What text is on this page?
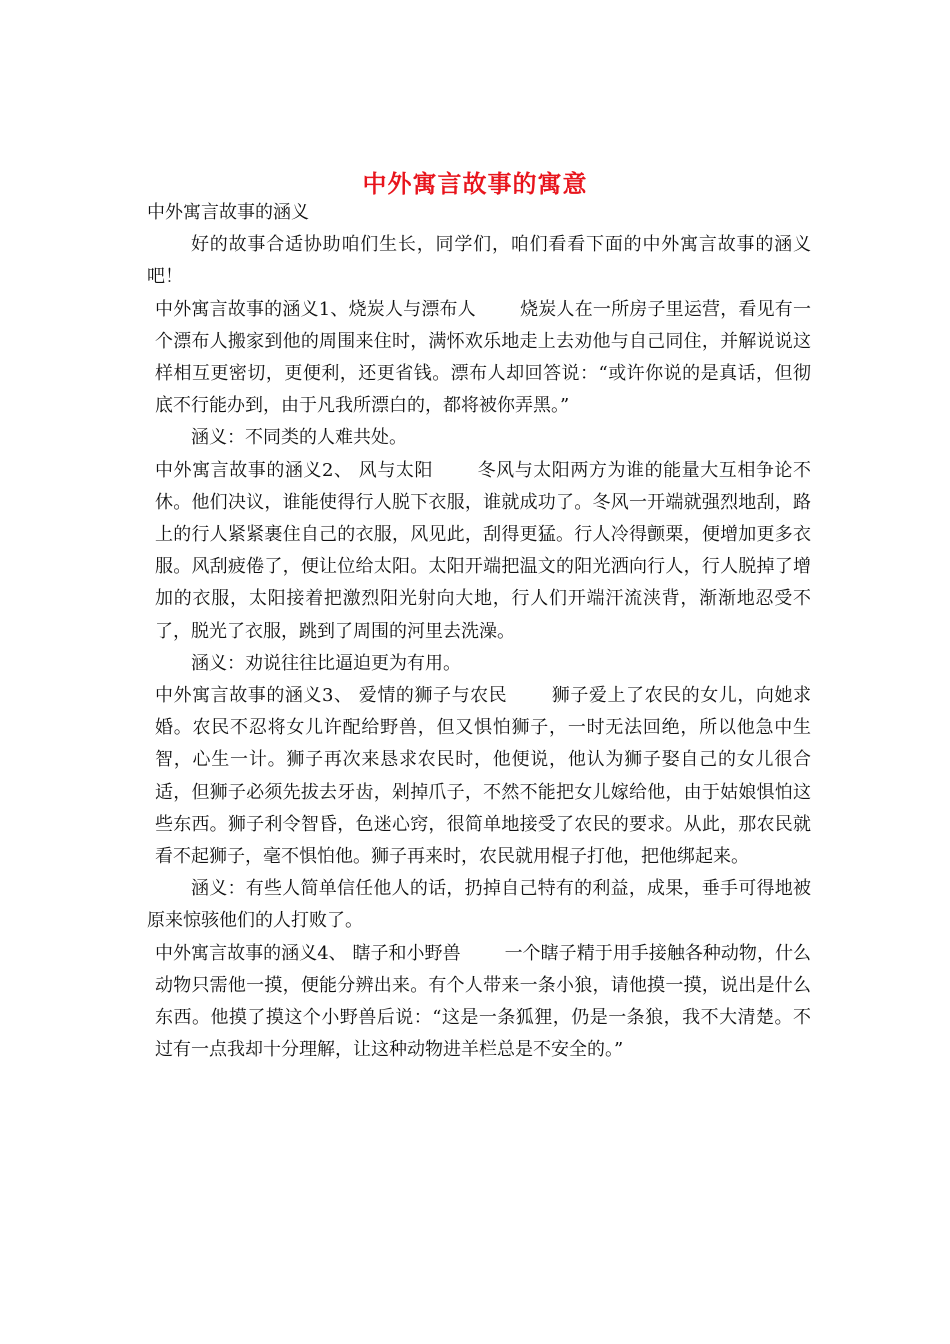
中外寓言故事的寓意

中外寓言故事的涵义

好的故事合适协助咱们生长，同学们，咱们看看下面的中外寓言故事的涵义吧！

中外寓言故事的涵义1、烧炭人与漂布人 烧炭人在一所房子里运营，看见有一个漂布人搬家到他的周围来住时，满怀欢乐地走上去劝他与自己同住，并解说说这样相互更密切，更便利，还更省钱。漂布人却回答说：“或许你说的是真话，但彻底不行能办到，由于凡我所漂白的，都将被你弄黑。”

涵义：不同类的人难共处。

中外寓言故事的涵义2、 风与太阳 冬风与太阳两方为谁的能量大互相争论不休。他们决议，谁能使得行人脱下衣服，谁就成功了。冬风一开端就强烈地刮，路上的行人紧紧裹住自己的衣服，风见此，刮得更猛。行人冷得颤栗，便增加更多衣服。风刮疲倦了，便让位给太阳。太阳开端把温文的阳光洒向行人，行人脱掉了增加的衣服，太阳接着把激烈阳光射向大地，行人们开端汗流浃背，渐渐地忍受不了，脱光了衣服，跳到了周围的河里去洗澡。

涵义：劝说往往比逼迫更为有用。

中外寓言故事的涵义3、 爱情的狮子与农民 狮子爱上了农民的女儿，向她求婚。农民不忍将女儿许配给野兽，但又惧怕狮子，一时无法回绝，所以他急中生智，心生一计。狮子再次来恳求农民时，他便说，他认为狮子娶自己的女儿很合适，但狮子必须先拔去牙齿，剁掉爪子，不然不能把女儿嫁给他，由于姑娘惧怕这些东西。狮子利令智昏，色迷心窍，很简单地接受了农民的要求。从此，那农民就看不起狮子，毫不惧怕他。狮子再来时，农民就用棍子打他，把他绑起来。

涵义：有些人简单信任他人的话，扔掉自己特有的利益，成果，垂手可得地被原来惊骇他们的人打败了。

中外寓言故事的涵义4、 瞎子和小野兽 一个瞎子精于用手接触各种动物，什么动物只需他一摸，便能分辨出来。有个人带来一条小狼，请他摸一摸，说出是什么东西。他摸了摸这个小野兽后说：“这是一条狐狸，仍是一条狼，我不大清楚。不过有一点我却十分理解，让这种动物进羊栏总是不安全的。”
